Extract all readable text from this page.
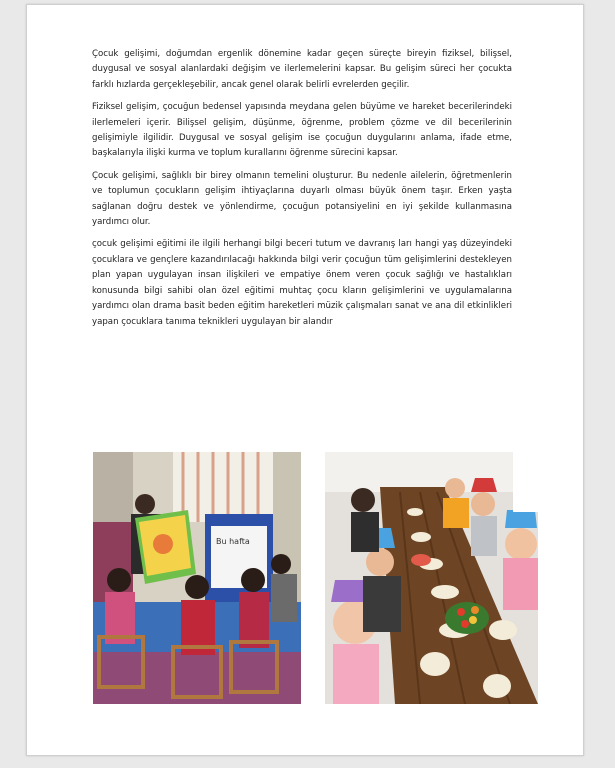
Çocuk gelişimi, doğumdan ergenlik dönemine kadar geçen süreçte bireyin fiziksel, bilişsel, duygusal ve sosyal alanlardaki değişim ve ilerlemelerini kapsar. Bu gelişim süreci her çocukta farklı hızlarda gerçekleşebilir, ancak genel olarak belirli evrelerden geçilir.

Fiziksel gelişim, çocuğun bedensel yapısında meydana gelen büyüme ve hareket becerilerindeki ilerlemeleri içerir. Bilişsel gelişim, düşünme, öğrenme, problem çözme ve dil becerilerinin gelişimiyle ilgilidir. Duygusal ve sosyal gelişim ise çocuğun duygularını anlama, ifade etme, başkalarıyla ilişki kurma ve toplum kurallarını öğrenme sürecini kapsar.

Çocuk gelişimi, sağlıklı bir birey olmanın temelini oluşturur. Bu nedenle ailelerin, öğretmenlerin ve toplumun çocukların gelişim ihtiyaçlarına duyarlı olması büyük önem taşır. Erken yaşta sağlanan doğru destek ve yönlendirme, çocuğun potansiyelini en iyi şekilde kullanmasına yardımcı olur.

çocuk gelişimi eğitimi ile ilgili herhangi bilgi beceri tutum ve davranış ları hangi yaş düzeyindeki çocuklara ve gençlere kazandırılacağı hakkında bilgi verir çocuğun tüm gelişimlerini destekleyen plan yapan uygulayan insan ilişkileri ve empatiye önem veren çocuk sağlığı ve hastalıkları konusunda bilgi sahibi olan özel eğitimi muhtaç çocu kların gelişimlerini ve uygulamalarına yardımcı olan drama basit beden eğitim hareketleri müzik çalışmaları sanat ve ana dil etkinlikleri yapan çocuklara tanıma teknikleri uygulayan bir alandır

Bu hafta
